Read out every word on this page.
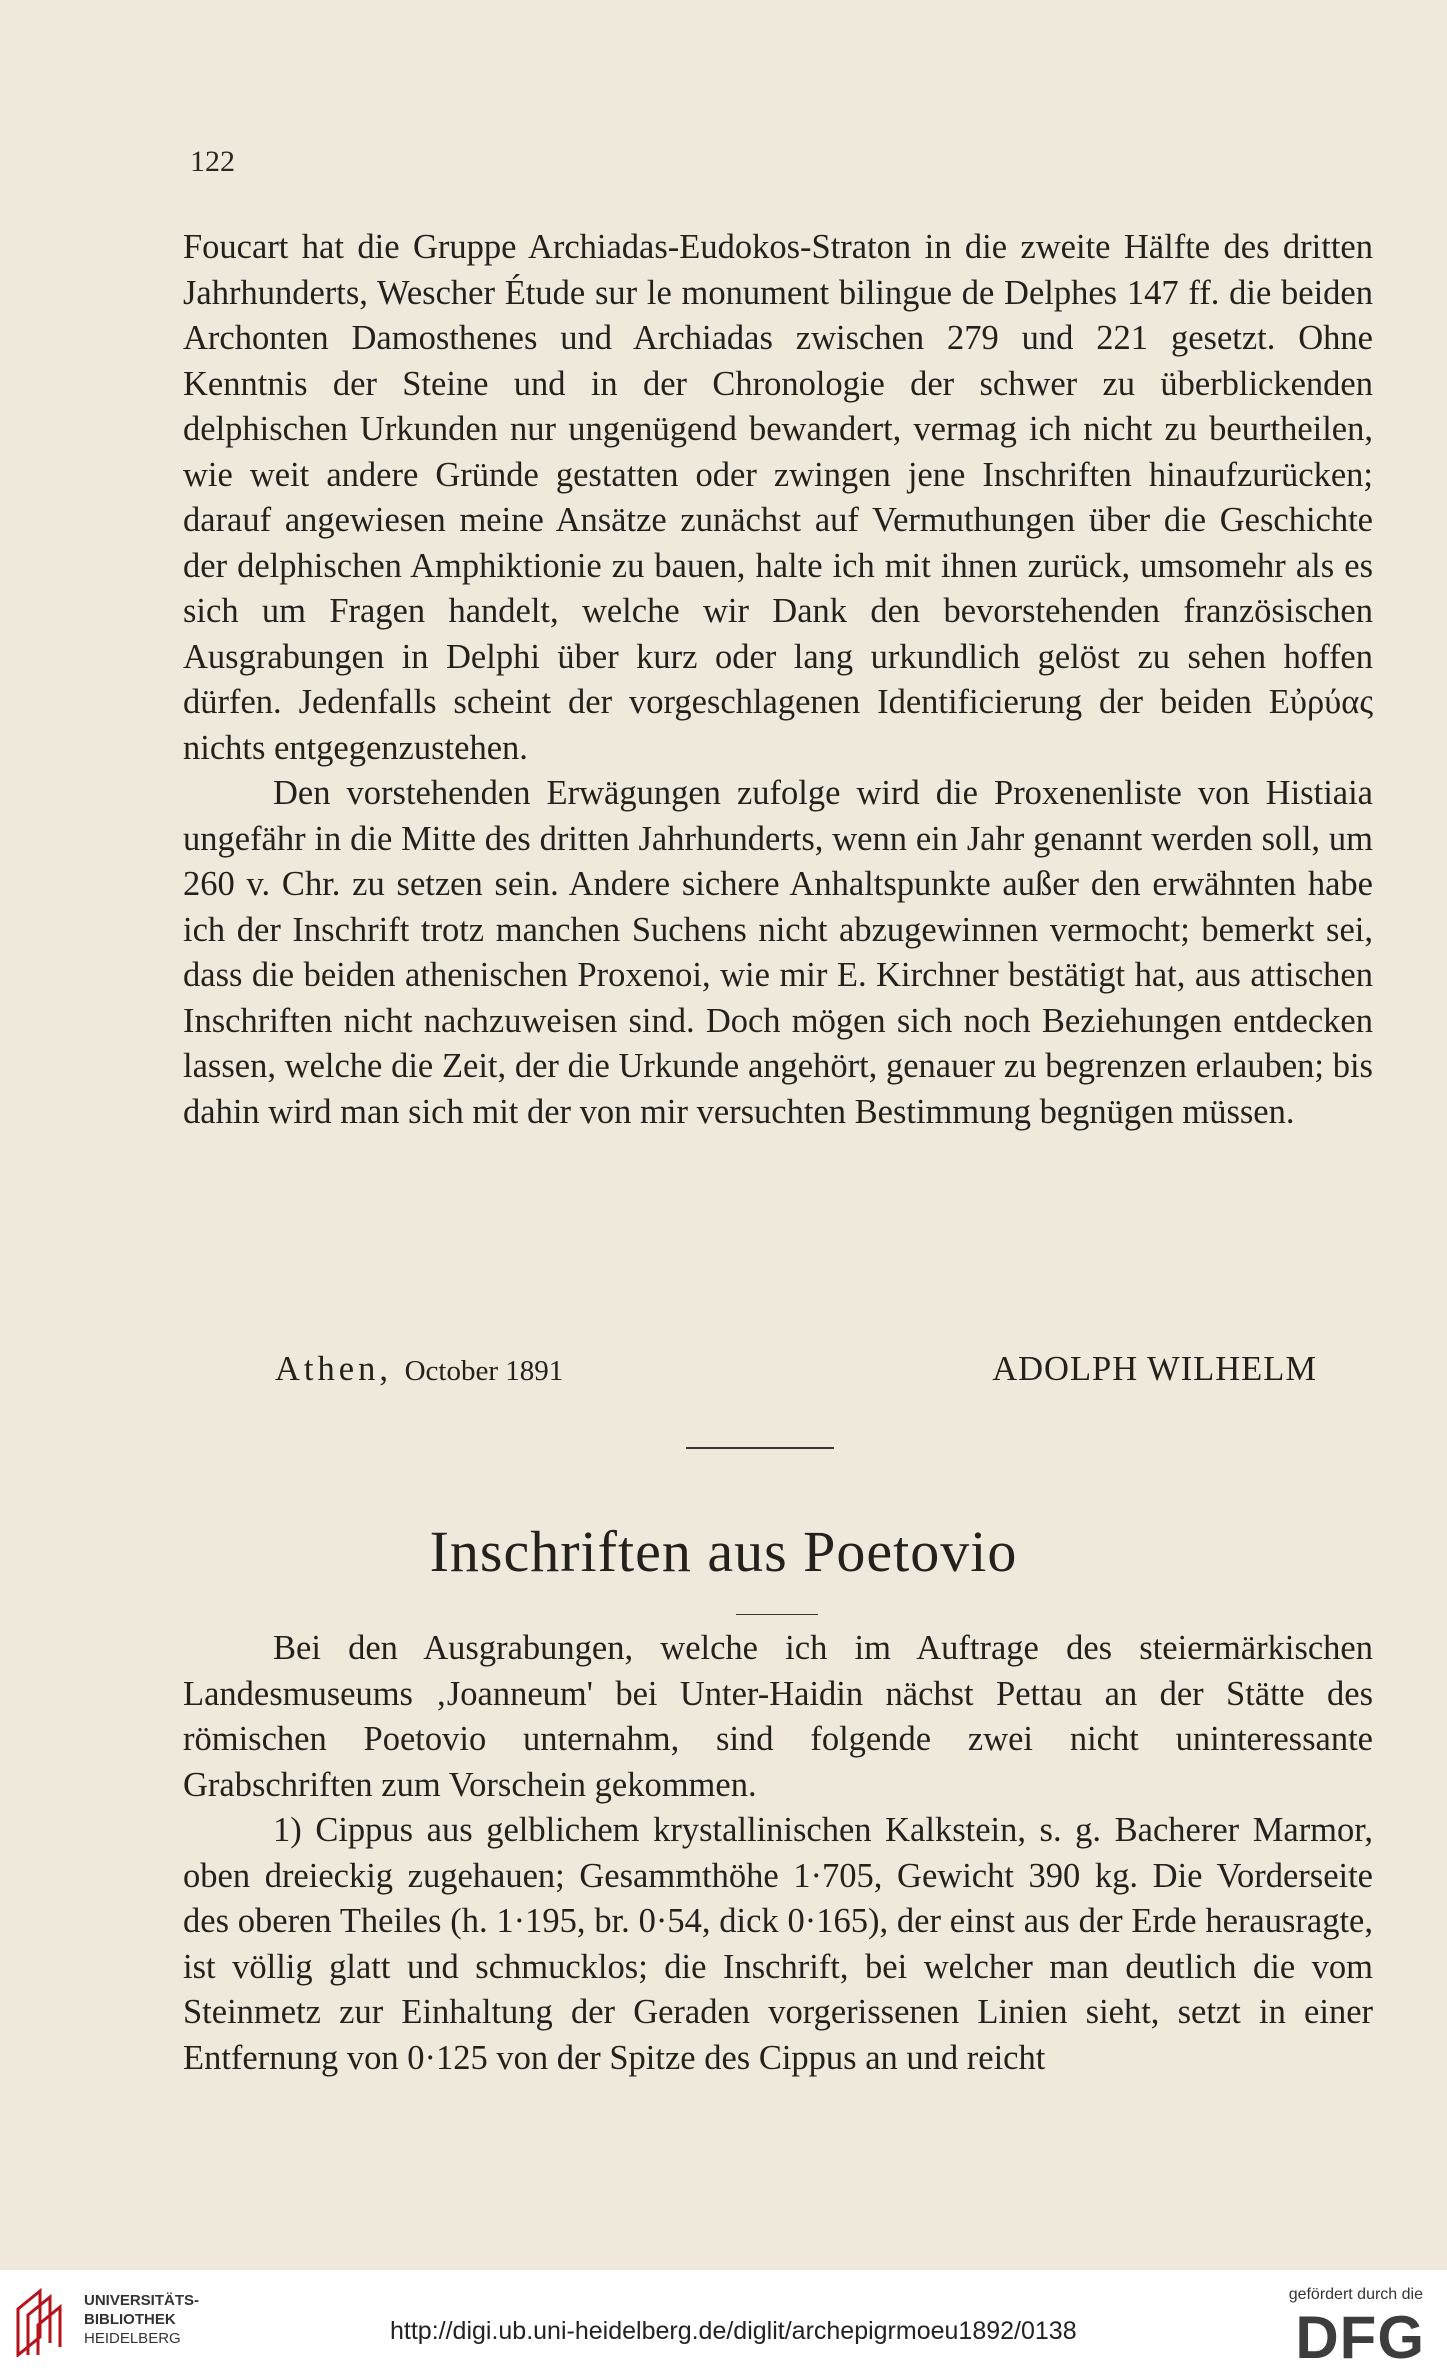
122

Foucart hat die Gruppe Archiadas-Eudokos-Straton in die zweite Hälfte des dritten Jahrhunderts, Wescher Étude sur le monument bilingue de Delphes 147 ff. die beiden Archonten Damosthenes und Archiadas zwischen 279 und 221 gesetzt. Ohne Kenntnis der Steine und in der Chronologie der schwer zu überblickenden delphischen Urkunden nur ungenügend bewandert, vermag ich nicht zu beurtheilen, wie weit andere Gründe gestatten oder zwingen jene Inschriften hinaufzurücken; darauf angewiesen meine Ansätze zunächst auf Vermuthungen über die Geschichte der delphischen Amphiktionie zu bauen, halte ich mit ihnen zurück, umsomehr als es sich um Fragen handelt, welche wir Dank den bevorstehenden französischen Ausgrabungen in Delphi über kurz oder lang urkundlich gelöst zu sehen hoffen dürfen. Jedenfalls scheint der vorgeschlagenen Identificierung der beiden Εὐρύας nichts entgegenzustehen.

Den vorstehenden Erwägungen zufolge wird die Proxenenliste von Histiaia ungefähr in die Mitte des dritten Jahrhunderts, wenn ein Jahr genannt werden soll, um 260 v. Chr. zu setzen sein. Andere sichere Anhaltspunkte außer den erwähnten habe ich der Inschrift trotz manchen Suchens nicht abzugewinnen vermocht; bemerkt sei, dass die beiden athenischen Proxenoi, wie mir E. Kirchner bestätigt hat, aus attischen Inschriften nicht nachzuweisen sind. Doch mögen sich noch Beziehungen entdecken lassen, welche die Zeit, der die Urkunde angehört, genauer zu begrenzen erlauben; bis dahin wird man sich mit der von mir versuchten Bestimmung begnügen müssen.

Athen, October 1891	ADOLPH WILHELM
Inschriften aus Poetovio

Bei den Ausgrabungen, welche ich im Auftrage des steiermärkischen Landesmuseums ‚Joanneum' bei Unter-Haidin nächst Pettau an der Stätte des römischen Poetovio unternahm, sind folgende zwei nicht uninteressante Grabschriften zum Vorschein gekommen.

1) Cippus aus gelblichem krystallinischen Kalkstein, s. g. Bacherer Marmor, oben dreieckig zugehauen; Gesammthöhe 1·705, Gewicht 390 kg. Die Vorderseite des oberen Theiles (h. 1·195, br. 0·54, dick 0·165), der einst aus der Erde herausragte, ist völlig glatt und schmucklos; die Inschrift, bei welcher man deutlich die vom Steinmetz zur Einhaltung der Geraden vorgerissenen Linien sieht, setzt in einer Entfernung von 0·125 von der Spitze des Cippus an und reicht

UNIVERSITÄTS-
BIBLIOTHEK
HEIDELBERG	http://digi.ub.uni-heidelberg.de/diglit/archepigrmoeu1892/0138
gefördert durch die
DFG
